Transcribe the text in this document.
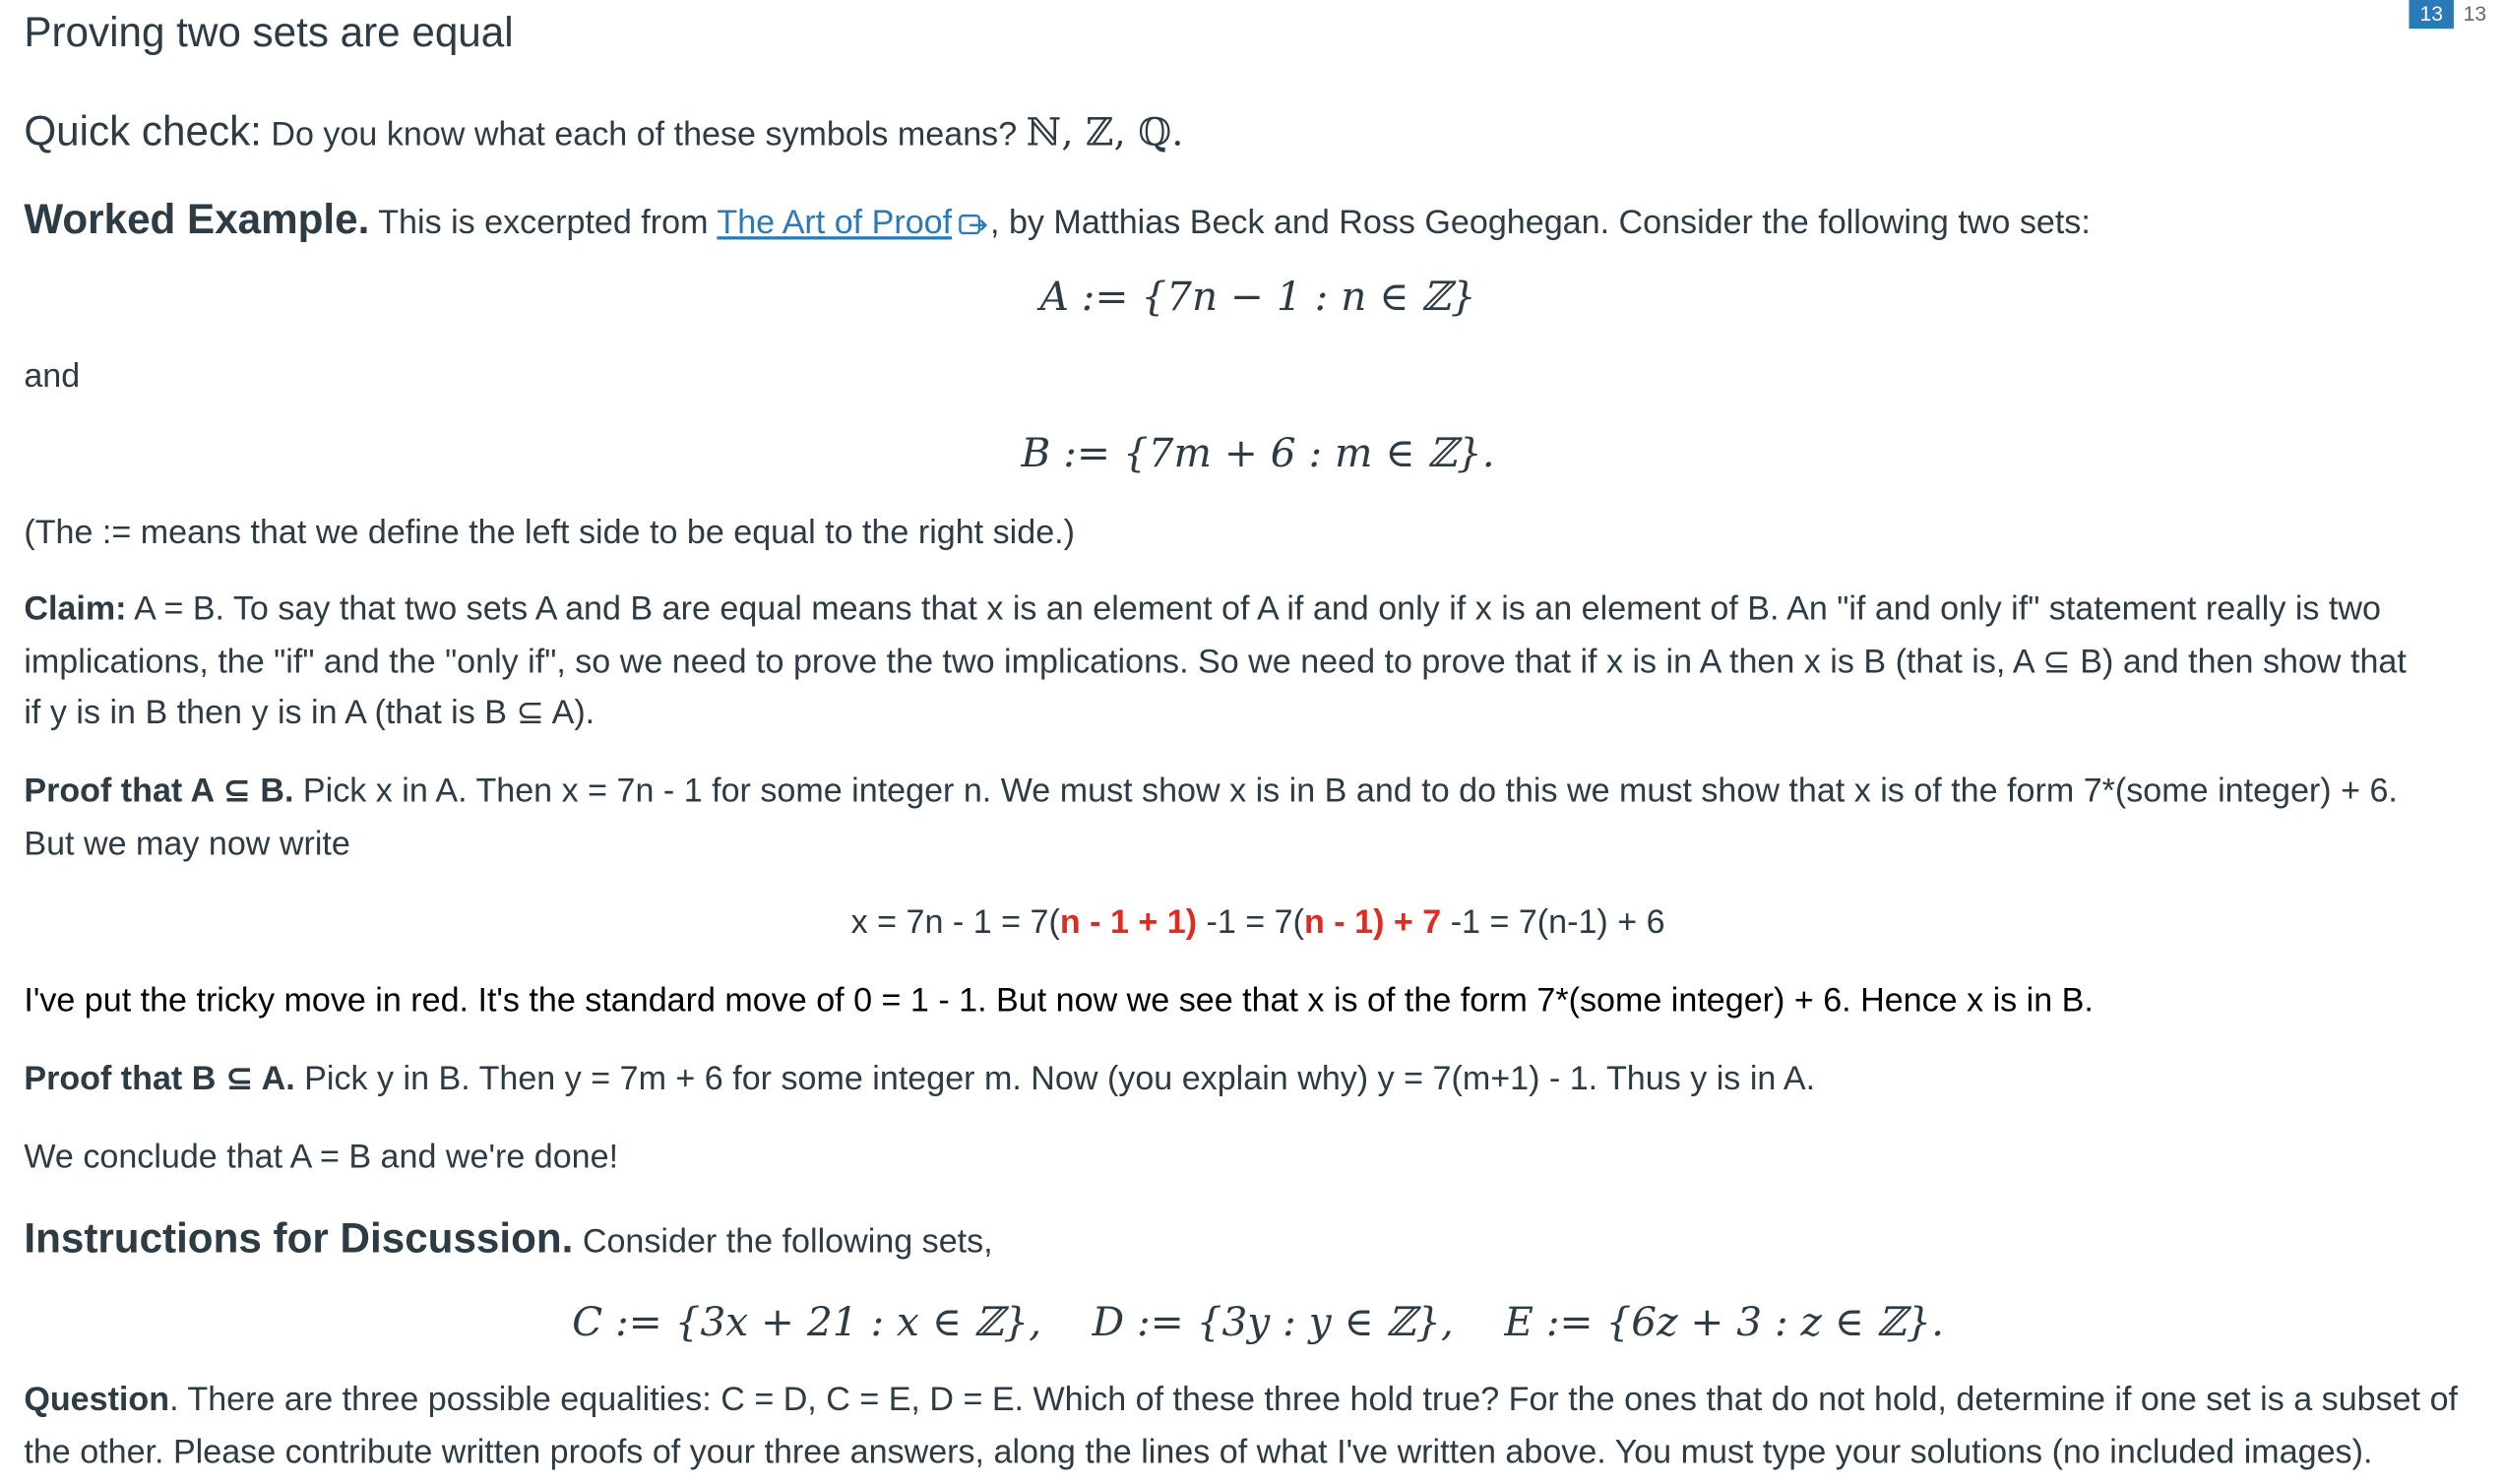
Proving two sets are equal	13	13
Quick check: Do you know what each of these symbols means? ℕ, ℤ, ℚ.
Worked Example. This is excerpted from The Art of Proof , by Matthias Beck and Ross Geoghegan. Consider the following two sets:
A := {7n − 1 : n ∈ ℤ}
and
B := {7m + 6 : m ∈ ℤ}.
(The := means that we define the left side to be equal to the right side.)
Claim: A = B. To say that two sets A and B are equal means that x is an element of A if and only if x is an element of B. An "if and only if" statement really is two
implications, the "if" and the "only if", so we need to prove the two implications. So we need to prove that if x is in A then x is B (that is, A ⊆ B) and then show that
if y is in B then y is in A (that is B ⊆ A).
Proof that A ⊆ B. Pick x in A. Then x = 7n - 1 for some integer n. We must show x is in B and to do this we must show that x is of the form 7*(some integer) + 6.
But we may now write
x = 7n - 1 = 7(n - 1 + 1) -1 = 7(n - 1) + 7 -1 = 7(n-1) + 6
I've put the tricky move in red. It's the standard move of 0 = 1 - 1. But now we see that x is of the form 7*(some integer) + 6. Hence x is in B.
Proof that B ⊆ A. Pick y in B. Then y = 7m + 6 for some integer m. Now (you explain why) y = 7(m+1) - 1. Thus y is in A.
We conclude that A = B and we're done!
Instructions for Discussion. Consider the following sets,
C := {3x + 21 : x ∈ ℤ},    D := {3y : y ∈ ℤ},    E := {6z + 3 : z ∈ ℤ}.
Question. There are three possible equalities: C = D, C = E, D = E. Which of these three hold true? For the ones that do not hold, determine if one set is a subset of
the other. Please contribute written proofs of your three answers, along the lines of what I've written above. You must type your solutions (no included images).
